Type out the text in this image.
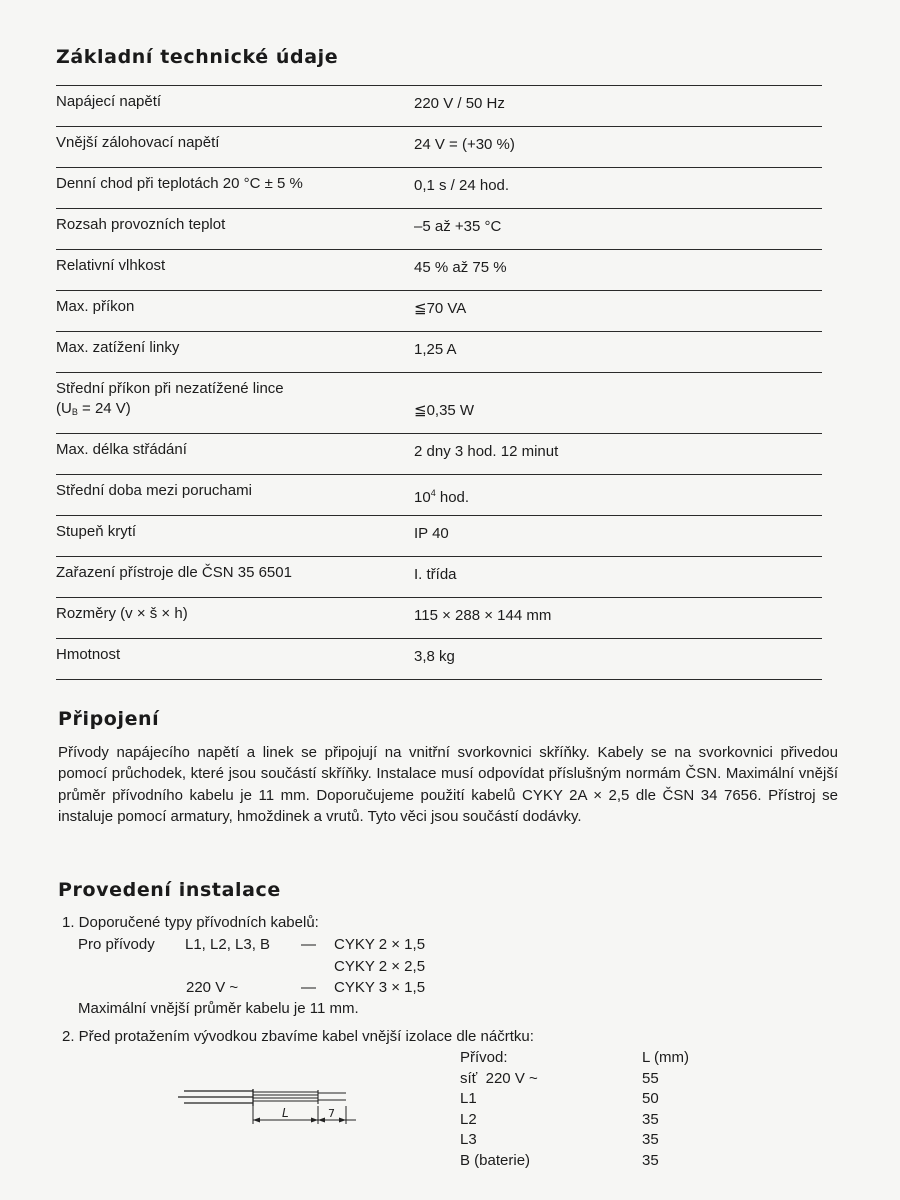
Základní technické údaje
Napájecí napětí	220 V / 50 Hz
Vnější zálohovací napětí	24 V = (+30 %)
Denní chod při teplotách 20 °C ± 5 %	0,1 s / 24 hod.
Rozsah provozních teplot	–5 až +35 °C
Relativní vlhkost	45 % až 75 %
Max. příkon	≦70 VA
Max. zatížení linky	1,25 A
Střední příkon při nezatížené lince
($U_B = 24$ V)	≦0,35 W
Max. délka střádání	2 dny 3 hod. 12 minut
Střední doba mezi poruchami	$10^4$ hod.
Stupeň krytí	IP 40
Zařazení přístroje dle ČSN 35 6501	I. třída
Rozměry (v × š × h)	115 × 288 × 144 mm
Hmotnost	3,8 kg
Připojení

Přívody napájecího napětí a linek se připojují na vnitřní svorkovnici skříňky. Kabely se na svorkovnici přivedou pomocí průchodek, které jsou součástí skříňky. Instalace musí odpovídat příslušným normám ČSN. Maximální vnější průměr přívodního kabelu je 11 mm. Doporučujeme použití kabelů CYKY 2A × 2,5 dle ČSN 34 7656. Přístroj se instaluje pomocí armatury, hmoždinek a vrutů. Tyto věci jsou součástí dodávky.

Provedení instalace
1. Doporučené typy přívodních kabelů:
Pro přívody L1, L2, L3, B — CYKY 2 × 1,5
CYKY 2 × 2,5
220 V ~	— CYKY 3 × 1,5
Maximální vnější průměr kabelu je 11 mm.
2. Před protažením vývodkou zbavíme kabel vnější izolace dle náčrtku:
Přívod:	L (mm)
síť  220 V ~	55
L1	50
L2	35
L3	35
B (baterie)	35
L	7
